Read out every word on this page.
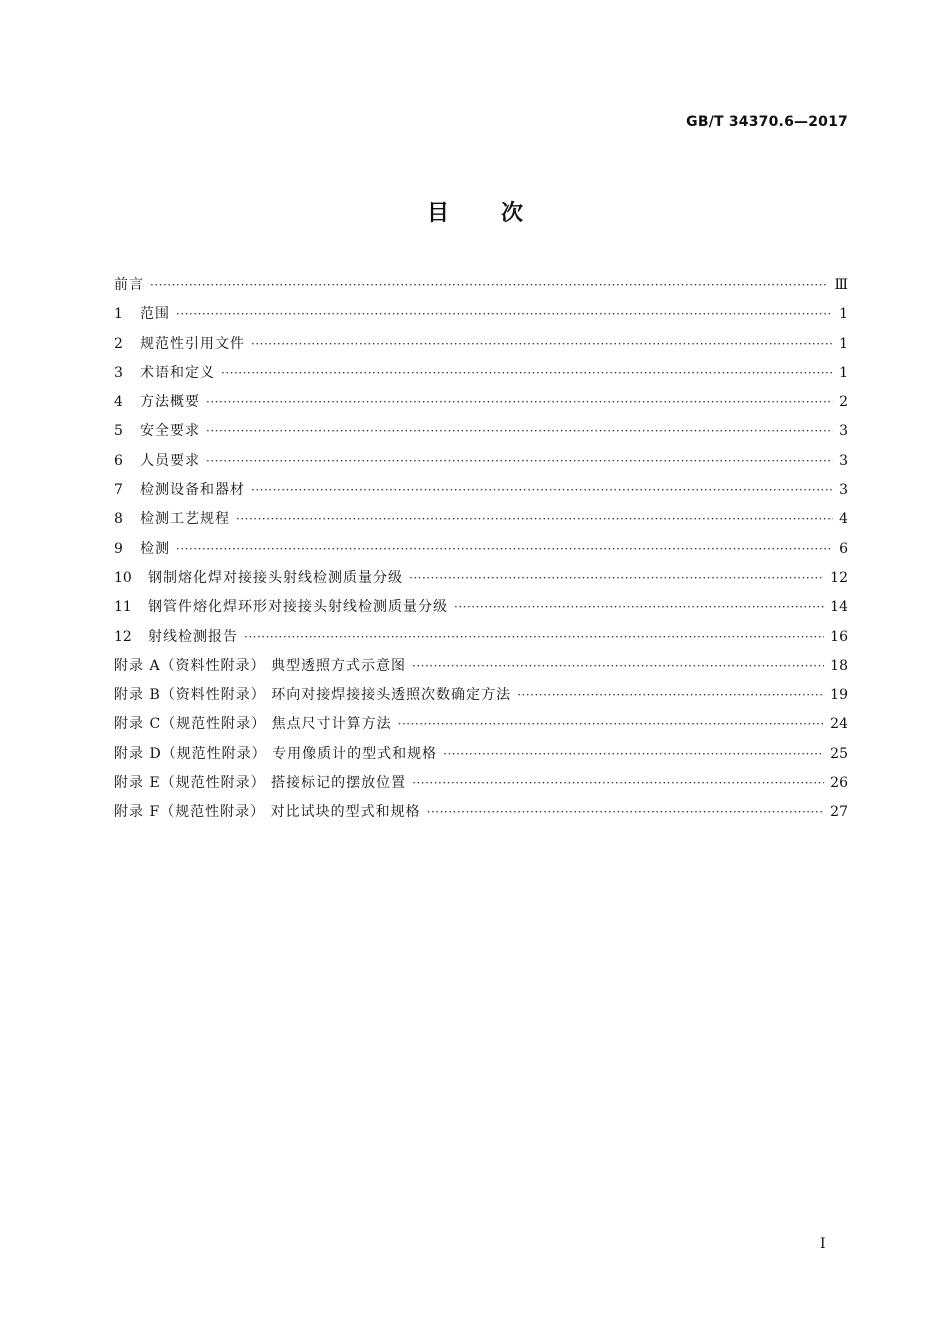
GB/T 34370.6—2017
目次
前言 ·····	Ⅲ
1	范围 ·····	1
2	规范性引用文件 ·····	1
3	术语和定义 ·····	1
4	方法概要 ·····	2
5	安全要求 ·····	3
6	人员要求 ·····	3
7	检测设备和器材 ·····	3
8	检测工艺规程 ·····	4
9	检测 ·····	6
10	钢制熔化焊对接接头射线检测质量分级 ·····	12
11	钢管件熔化焊环形对接接头射线检测质量分级 ·····	14
12	射线检测报告 ·····	16
附录 A（资料性附录） 典型透照方式示意图 ·····	18
附录 B（资料性附录） 环向对接焊接接头透照次数确定方法 ·····	19
附录 C（规范性附录） 焦点尺寸计算方法 ·····	24
附录 D（规范性附录） 专用像质计的型式和规格 ·····	25
附录 E（规范性附录） 搭接标记的摆放位置 ·····	26
附录 F（规范性附录） 对比试块的型式和规格 ·····	27
I
